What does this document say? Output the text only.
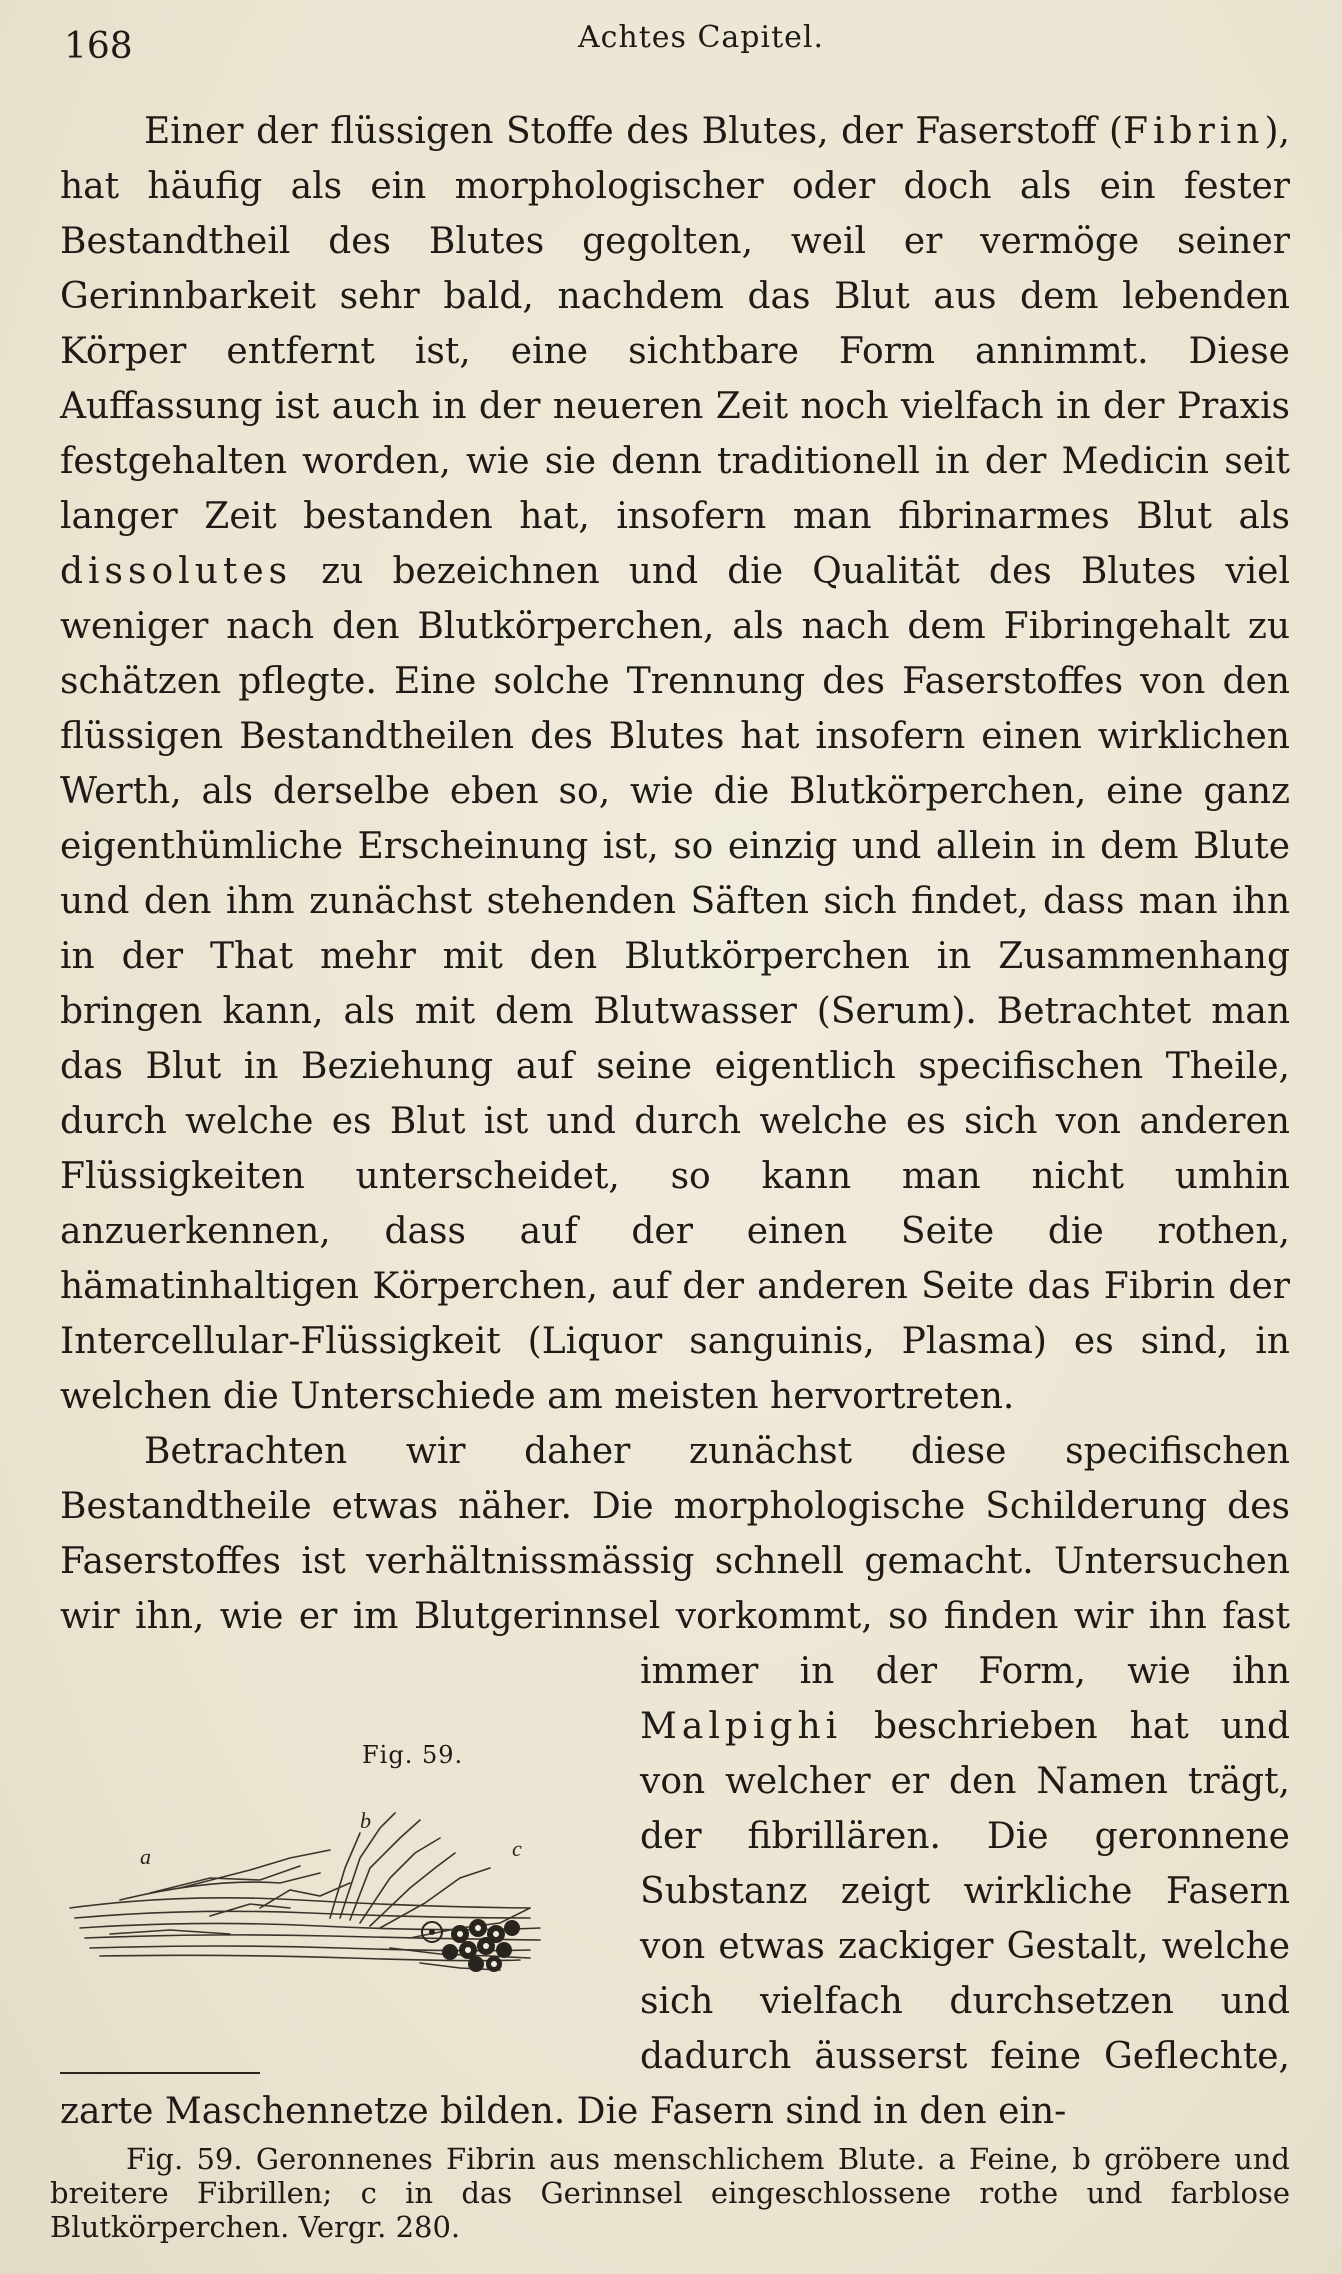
168	Achtes Capitel.

Einer der flüssigen Stoffe des Blutes, der Faserstoff (Fibrin), hat häufig als ein morphologischer oder doch als ein fester Bestandtheil des Blutes gegolten, weil er vermöge seiner Gerinnbarkeit sehr bald, nachdem das Blut aus dem lebenden Körper entfernt ist, eine sichtbare Form annimmt. Diese Auffassung ist auch in der neueren Zeit noch vielfach in der Praxis festgehalten worden, wie sie denn traditionell in der Medicin seit langer Zeit bestanden hat, insofern man fibrinarmes Blut als dissolutes zu bezeichnen und die Qualität des Blutes viel weniger nach den Blutkörperchen, als nach dem Fibringehalt zu schätzen pflegte. Eine solche Trennung des Faserstoffes von den flüssigen Bestandtheilen des Blutes hat insofern einen wirklichen Werth, als derselbe eben so, wie die Blutkörperchen, eine ganz eigenthümliche Erscheinung ist, so einzig und allein in dem Blute und den ihm zunächst stehenden Säften sich findet, dass man ihn in der That mehr mit den Blutkörperchen in Zusammenhang bringen kann, als mit dem Blutwasser (Serum). Betrachtet man das Blut in Beziehung auf seine eigentlich specifischen Theile, durch welche es Blut ist und durch welche es sich von anderen Flüssigkeiten unterscheidet, so kann man nicht umhin anzuerkennen, dass auf der einen Seite die rothen, hämatinhaltigen Körperchen, auf der anderen Seite das Fibrin der Intercellular-Flüssigkeit (Liquor sanguinis, Plasma) es sind, in welchen die Unterschiede am meisten hervortreten.

Betrachten wir daher zunächst diese specifischen Bestandtheile etwas näher. Die morphologische Schilderung des Faserstoffes ist verhältnissmässig schnell gemacht. Untersuchen wir ihn, wie er im Blutgerinnsel vorkommt, so finden wir ihn fast immer in der Form, wie ihn
Fig. 59.
a
b
c
Malpighi beschrieben hat und von welcher er den Namen trägt, der fibrillären. Die geronnene Substanz zeigt wirkliche Fasern von etwas zackiger Gestalt, welche sich vielfach durchsetzen und dadurch äusserst feine Geflechte, zarte Maschennetze bilden. Die Fasern sind in den ein-

Fig. 59. Geronnenes Fibrin aus menschlichem Blute. a Feine, b gröbere und breitere Fibrillen; c in das Gerinnsel eingeschlossene rothe und farblose Blutkörperchen. Vergr. 280.
